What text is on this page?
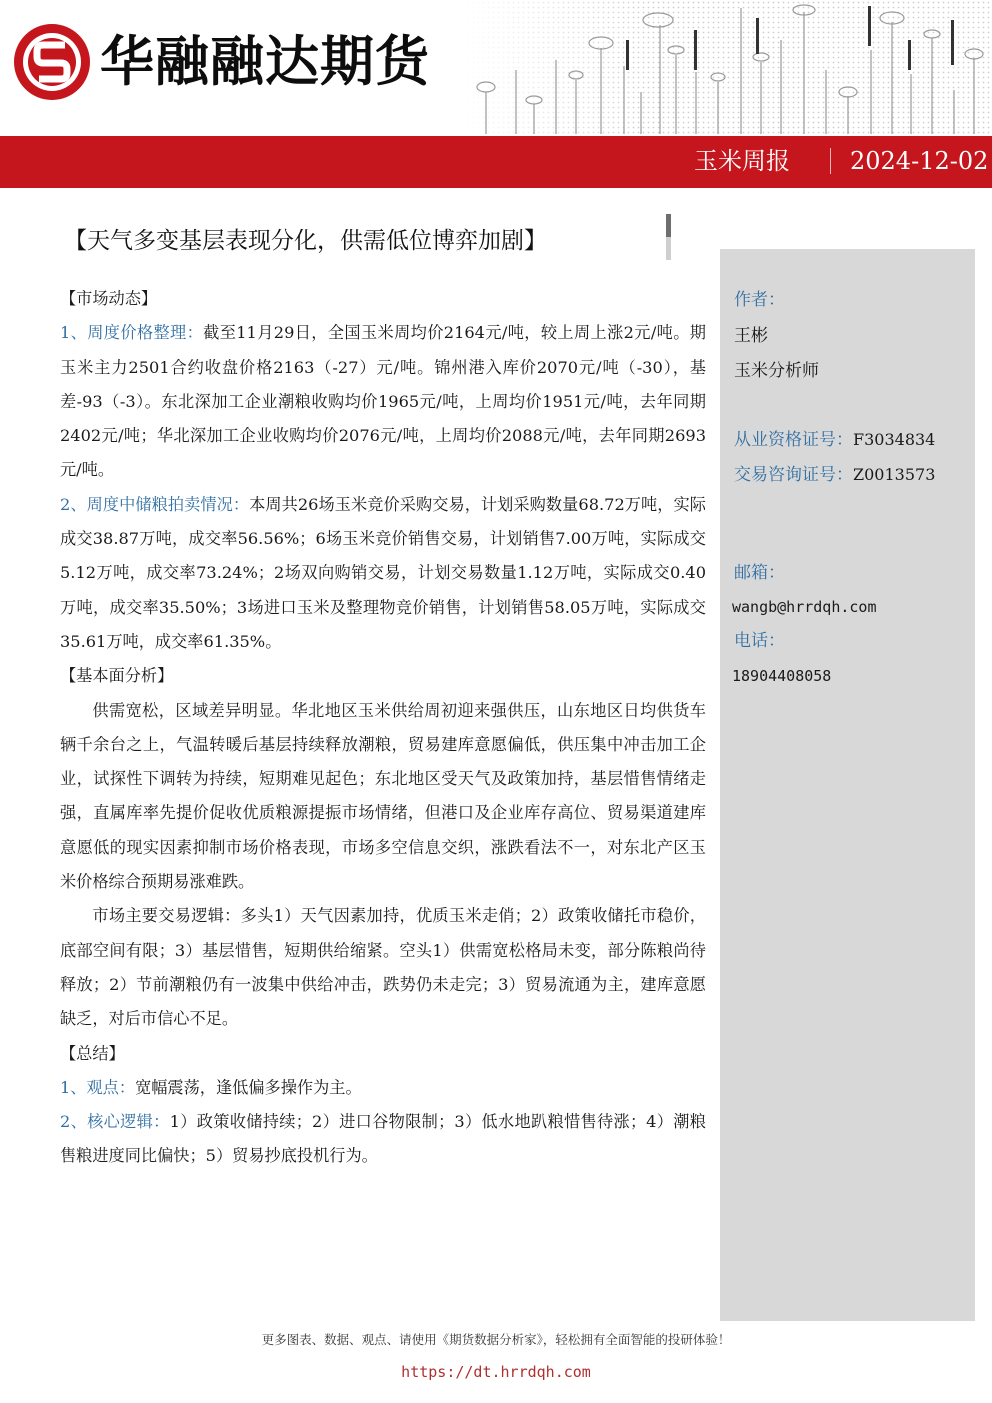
华融融达期货
玉米周报	2024-12-02
【天气多变基层表现分化，供需低位博弈加剧】
作者：
王彬
玉米分析师
从业资格证号：F3034834
交易咨询证号：Z0013573
邮箱：
wangb@hrrdqh.com
电话：
18904408058

【市场动态】

1、周度价格整理：截至11月29日，全国玉米周均价2164元/吨，较上周上涨2元/吨。期玉米主力2501合约收盘价格2163（-27）元/吨。锦州港入库价2070元/吨（-30），基差-93（-3）。东北深加工企业潮粮收购均价1965元/吨，上周均价1951元/吨，去年同期2402元/吨；华北深加工企业收购均价2076元/吨，上周均价2088元/吨，去年同期2693元/吨。

2、周度中储粮拍卖情况：本周共26场玉米竞价采购交易，计划采购数量68.72万吨，实际成交38.87万吨，成交率56.56%；6场玉米竞价销售交易，计划销售7.00万吨，实际成交5.12万吨，成交率73.24%；2场双向购销交易，计划交易数量1.12万吨，实际成交0.40万吨，成交率35.50%；3场进口玉米及整理物竞价销售，计划销售58.05万吨，实际成交35.61万吨，成交率61.35%。

【基本面分析】

供需宽松，区域差异明显。华北地区玉米供给周初迎来强供压，山东地区日均供货车辆千余台之上，气温转暖后基层持续释放潮粮，贸易建库意愿偏低，供压集中冲击加工企业，试探性下调转为持续，短期难见起色；东北地区受天气及政策加持，基层惜售情绪走强，直属库率先提价促收优质粮源提振市场情绪，但港口及企业库存高位、贸易渠道建库意愿低的现实因素抑制市场价格表现，市场多空信息交织，涨跌看法不一，对东北产区玉米价格综合预期易涨难跌。

市场主要交易逻辑：多头1）天气因素加持，优质玉米走俏；2）政策收储托市稳价，底部空间有限；3）基层惜售，短期供给缩紧。空头1）供需宽松格局未变，部分陈粮尚待释放；2）节前潮粮仍有一波集中供给冲击，跌势仍未走完；3）贸易流通为主，建库意愿缺乏，对后市信心不足。

【总结】

1、观点：宽幅震荡，逢低偏多操作为主。

2、核心逻辑：1）政策收储持续；2）进口谷物限制；3）低水地趴粮惜售待涨；4）潮粮售粮进度同比偏快；5）贸易抄底投机行为。

更多图表、数据、观点、请使用《期货数据分析家》，轻松拥有全面智能的投研体验！
https://dt.hrrdqh.com
